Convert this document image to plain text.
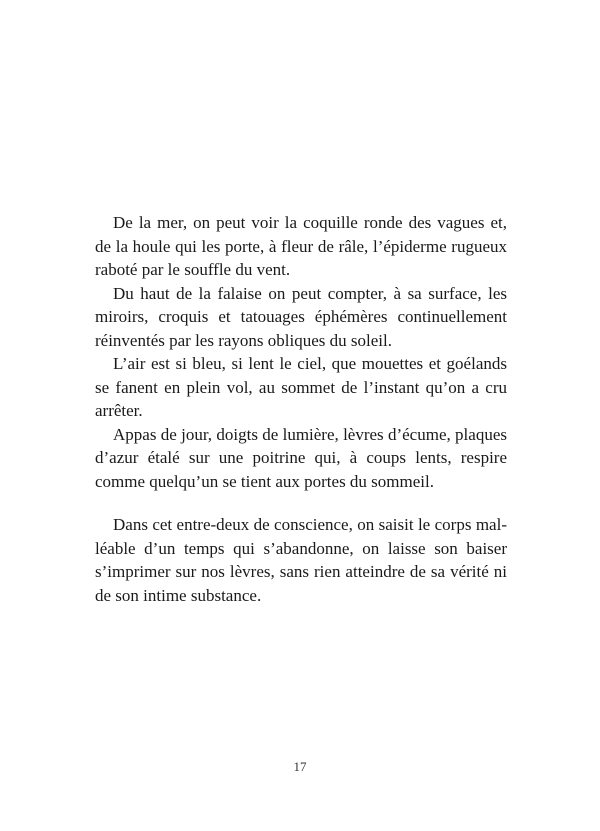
De la mer, on peut voir la coquille ronde des vagues et, de la houle qui les porte, à fleur de râle, l’épiderme rugueux raboté par le souffle du vent.

Du haut de la falaise on peut compter, à sa surface, les miroirs, croquis et tatouages éphémères continuellement réinventés par les rayons obliques du soleil.

L’air est si bleu, si lent le ciel, que mouettes et goélands se fanent en plein vol, au sommet de l’instant qu’on a cru arrêter.

Appas de jour, doigts de lumière, lèvres d’écume, plaques d’azur étalé sur une poitrine qui, à coups lents, respire comme quelqu’un se tient aux portes du sommeil.

Dans cet entre-deux de conscience, on saisit le corps malléable d’un temps qui s’abandonne, on laisse son baiser s’imprimer sur nos lèvres, sans rien atteindre de sa vérité ni de son intime substance.

17
